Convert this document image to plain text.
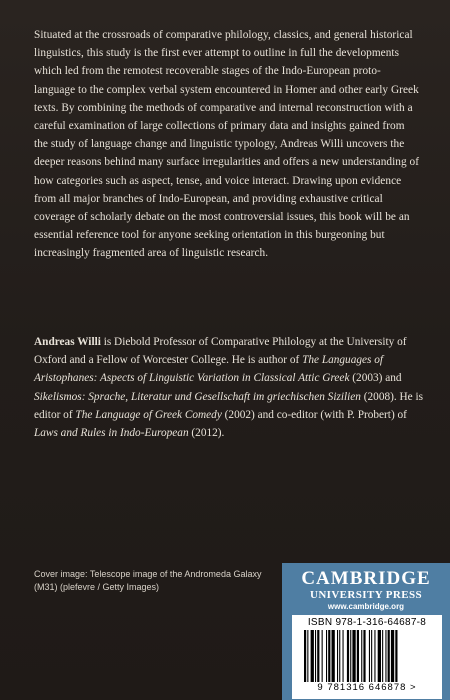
Situated at the crossroads of comparative philology, classics, and general historical linguistics, this study is the first ever attempt to outline in full the developments which led from the remotest recoverable stages of the Indo-European proto-language to the complex verbal system encountered in Homer and other early Greek texts. By combining the methods of comparative and internal reconstruction with a careful examination of large collections of primary data and insights gained from the study of language change and linguistic typology, Andreas Willi uncovers the deeper reasons behind many surface irregularities and offers a new understanding of how categories such as aspect, tense, and voice interact. Drawing upon evidence from all major branches of Indo-European, and providing exhaustive critical coverage of scholarly debate on the most controversial issues, this book will be an essential reference tool for anyone seeking orientation in this burgeoning but increasingly fragmented area of linguistic research.

Andreas Willi is Diebold Professor of Comparative Philology at the University of Oxford and a Fellow of Worcester College. He is author of The Languages of Aristophanes: Aspects of Linguistic Variation in Classical Attic Greek (2003) and Sikelismos: Sprache, Literatur und Gesellschaft im griechischen Sizilien (2008). He is editor of The Language of Greek Comedy (2002) and co-editor (with P. Probert) of Laws and Rules in Indo-European (2012).

Cover image: Telescope image of the Andromeda Galaxy (M31) (plefevre / Getty Images)	CAMBRIDGE
UNIVERSITY PRESS
www.cambridge.org
ISBN 978-1-316-64687-8
9 781316 646878 >
